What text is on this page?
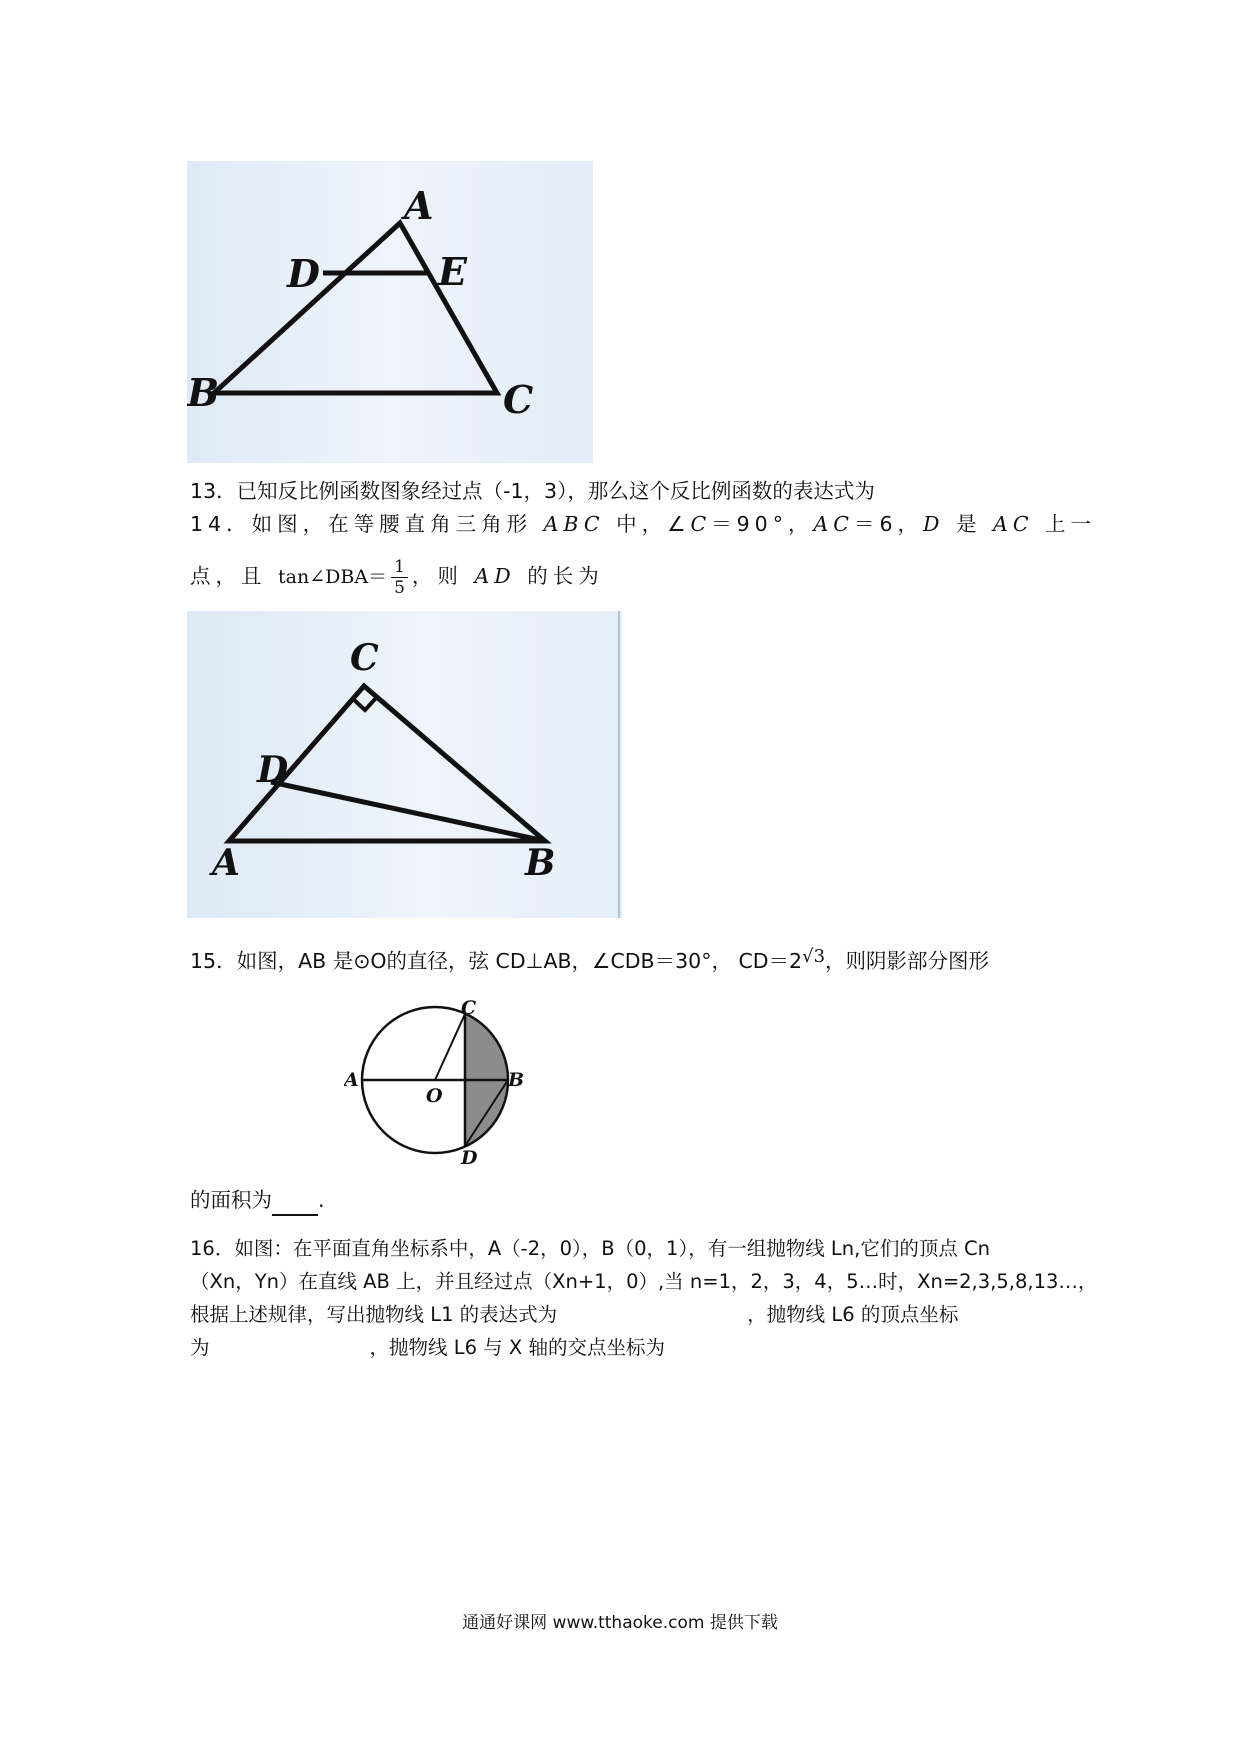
A
D	E
B	C
13．已知反比例函数图象经过点（-1，3），那么这个反比例函数的表达式为
14．如图，在等腰直角三角形 ABC 中，∠C＝90°，AC＝6，D 是 AC 上一
点，且 tan∠DBA＝ $\frac{1}{5}$ ，则 AD 的长为
C
D
A	B
15．如图，AB 是⊙O的直径，弦 CD⊥AB，∠CDB＝30°， CD＝2√3，则阴影部分图形
C
A	B
O
D
的面积为 .
16．如图：在平面直角坐标系中，A（-2，0），B（0，1），有一组抛物线 Ln,它们的顶点 Cn
（Xn，Yn）在直线 AB 上，并且经过点（Xn+1，0）,当 n=1，2，3，4，5…时，Xn=2,3,5,8,13…，
根据上述规律，写出抛物线 L1 的表达式为	，抛物线 L6 的顶点坐标
为	，抛物线 L6 与 X 轴的交点坐标为
通通好课网 www.tthaoke.com 提供下载
